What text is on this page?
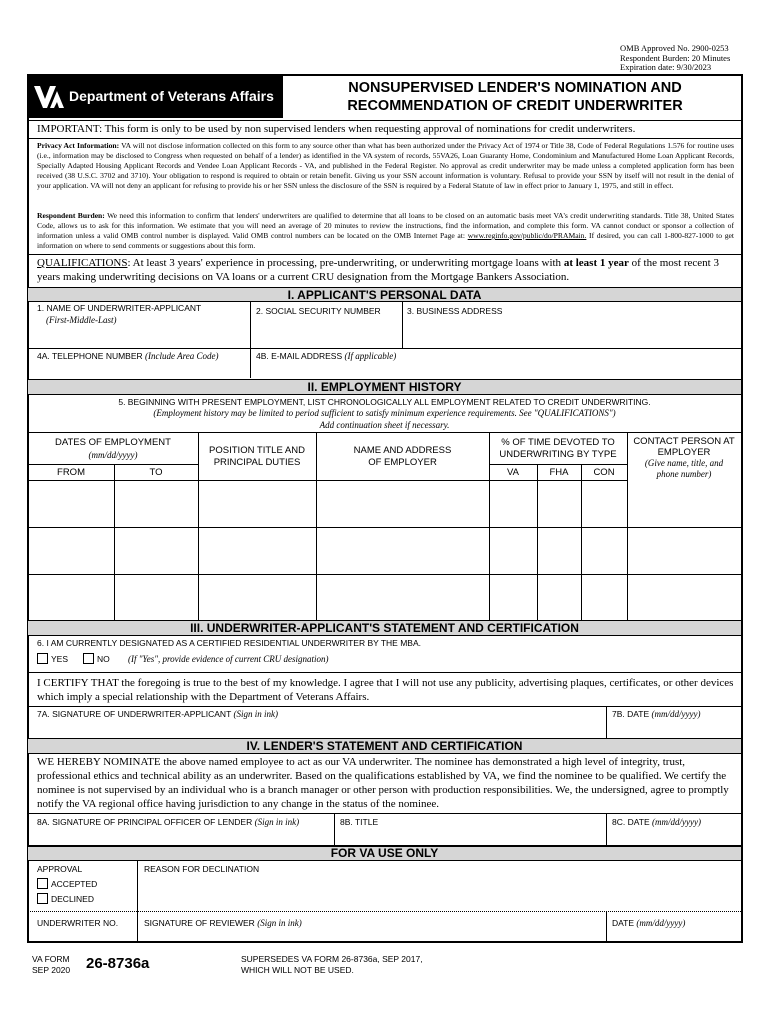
OMB Approved No. 2900-0253
Respondent Burden: 20 Minutes
Expiration date: 9/30/2023
Department of Veterans Affairs	NONSUPERVISED LENDER'S NOMINATION AND
RECOMMENDATION OF CREDIT UNDERWRITER
IMPORTANT: This form is only to be used by non supervised lenders when requesting approval of nominations for credit underwriters.
Privacy Act Information: VA will not disclose information collected on this form to any source other than what has been authorized under the Privacy Act of 1974 or Title 38, Code of Federal Regulations 1.576 for routine uses (i.e., information may be disclosed to Congress when requested on behalf of a lender) as identified in the VA system of records, 55VA26, Loan Guaranty Home, Condominium and Manufactured Home Loan Applicant Records, Specially Adapted Housing Applicant Records and Vendee Loan Applicant Records - VA, and published in the Federal Register. No approval as credit underwriter may be made unless a completed application form has been received (38 U.S.C. 3702 and 3710). Your obligation to respond is required to obtain or retain benefit. Giving us your SSN account information is voluntary. Refusal to provide your SSN by itself will not result in the denial of your application. VA will not deny an applicant for refusing to provide his or her SSN unless the disclosure of the SSN is required by a Federal Statute of law in effect prior to January 1, 1975, and still in effect.
Respondent Burden: We need this information to confirm that lenders' underwriters are qualified to determine that all loans to be closed on an automatic basis meet VA's credit underwriting standards. Title 38, United States Code, allows us to ask for this information. We estimate that you will need an average of 20 minutes to review the instructions, find the information, and complete this form. VA cannot conduct or sponsor a collection of information unless a valid OMB control number is displayed. Valid OMB control numbers can be located on the OMB Internet Page at: www.reginfo.gov/public/do/PRAMain. If desired, you can call 1-800-827-1000 to get information on where to send comments or suggestions about this form.
QUALIFICATIONS: At least 3 years' experience in processing, pre-underwriting, or underwriting mortgage loans with at least 1 year of the most recent 3 years making underwriting decisions on VA loans or a current CRU designation from the Mortgage Bankers Association.
I. APPLICANT'S PERSONAL DATA
1. NAME OF UNDERWRITER-APPLICANT
(First-Middle-Last)
2. SOCIAL SECURITY NUMBER	3. BUSINESS ADDRESS
4A. TELEPHONE NUMBER (Include Area Code)	4B. E-MAIL ADDRESS (If applicable)
II. EMPLOYMENT HISTORY
5. BEGINNING WITH PRESENT EMPLOYMENT, LIST CHRONOLOGICALLY ALL EMPLOYMENT RELATED TO CREDIT UNDERWRITING.
(Employment history may be limited to period sufficient to satisfy minimum experience requirements. See "QUALIFICATIONS")
Add continuation sheet if necessary.
DATES OF EMPLOYMENT
(mm/dd/yyyy)
FROM	TO
POSITION TITLE AND
PRINCIPAL DUTIES
NAME AND ADDRESS
OF EMPLOYER
% OF TIME DEVOTED TO
UNDERWRITING BY TYPE
VA	FHA	CON
CONTACT PERSON AT
EMPLOYER
(Give name, title, and
phone number)
III. UNDERWRITER-APPLICANT'S STATEMENT AND CERTIFICATION
6. I AM CURRENTLY DESIGNATED AS A CERTIFIED RESIDENTIAL UNDERWRITER BY THE MBA.
YES	NO (If "Yes", provide evidence of current CRU designation)
I CERTIFY THAT the foregoing is true to the best of my knowledge. I agree that I will not use any publicity, advertising plaques, certificates, or other devices which imply a special relationship with the Department of Veterans Affairs.
7A. SIGNATURE OF UNDERWRITER-APPLICANT (Sign in ink)	7B. DATE (mm/dd/yyyy)
IV. LENDER'S STATEMENT AND CERTIFICATION
WE HEREBY NOMINATE the above named employee to act as our VA underwriter. The nominee has demonstrated a high level of integrity, trust, professional ethics and technical ability as an underwriter. Based on the qualifications established by VA, we find the nominee to be qualified. We certify the nominee is not supervised by an individual who is a branch manager or other person with production responsibilities. We, the undersigned, agree to promptly notify the VA regional office having jurisdiction to any change in the status of the nominee.
8A. SIGNATURE OF PRINCIPAL OFFICER OF LENDER (Sign in ink)	8B. TITLE	8C. DATE (mm/dd/yyyy)
FOR VA USE ONLY
APPROVAL
ACCEPTED
DECLINED
REASON FOR DECLINATION
UNDERWRITER NO.	SIGNATURE OF REVIEWER (Sign in ink)	DATE (mm/dd/yyyy)
VA FORM
SEP 2020 26-8736a	SUPERSEDES VA FORM 26-8736a, SEP 2017,
WHICH WILL NOT BE USED.
